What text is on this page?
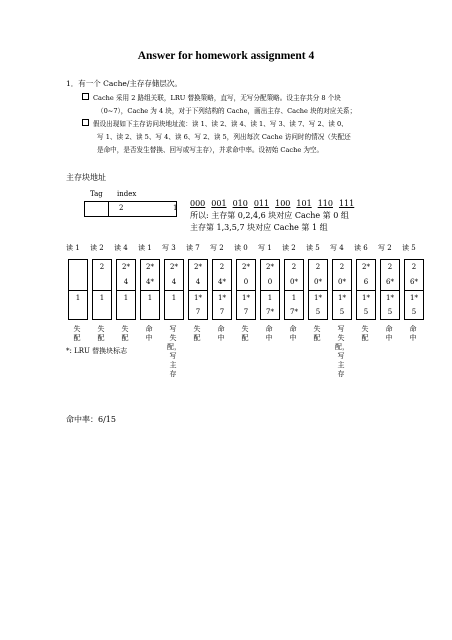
Answer for homework assignment 4
1．有一个 Cache/主存存储层次。
Cache 采用 2 路组关联，LRU 替换策略，直写，无写分配策略。设主存共分 8 个块
（0~7），Cache 为 4 块，对于下列结构的 Cache，画出主存、Cache 块的对应关系；
假设出现如下主存访问块地址流：读 1、读 2、读 4、读 1、写 3、读 7、写 2、读 0、
写 1、读 2、读 5、写 4、读 6、写 2、读 5，列出每次 Cache 访问时的情况（失配还
是命中，是否发生替换、回写或写主存），并求命中率。设初始 Cache 为空。
主存块地址
Tag index
2	1 000 001 010 011 100 101 110 111
所以: 主存第 0,2,4,6 块对应 Cache 第 0 组
主存第 1,3,5,7 块对应 Cache 第 1 组
读 1
1
失配
读 2
2
1
失配
读 4
2*
4
1
失配
读 1
2*
4*
1
命中
写 3
2*
4
1
写失配，写主存
读 7
2*
4
1*
7
失配
写 2
2
4*
1*
7
命中
读 0
2*
0
1*
7
失配
写 1
2*
0
1
7*
命中
读 2
2
0*
1
7*
命中
读 5
2
0*
1*
5
失配
写 4
2
0*
1*
5
写失配，写主存
读 6
2*
6
1*
5
失配
写 2
2
6*
1*
5
命中
读 5
2
6*
1*
5
命中
*: LRU 替换块标志
命中率：6/15
